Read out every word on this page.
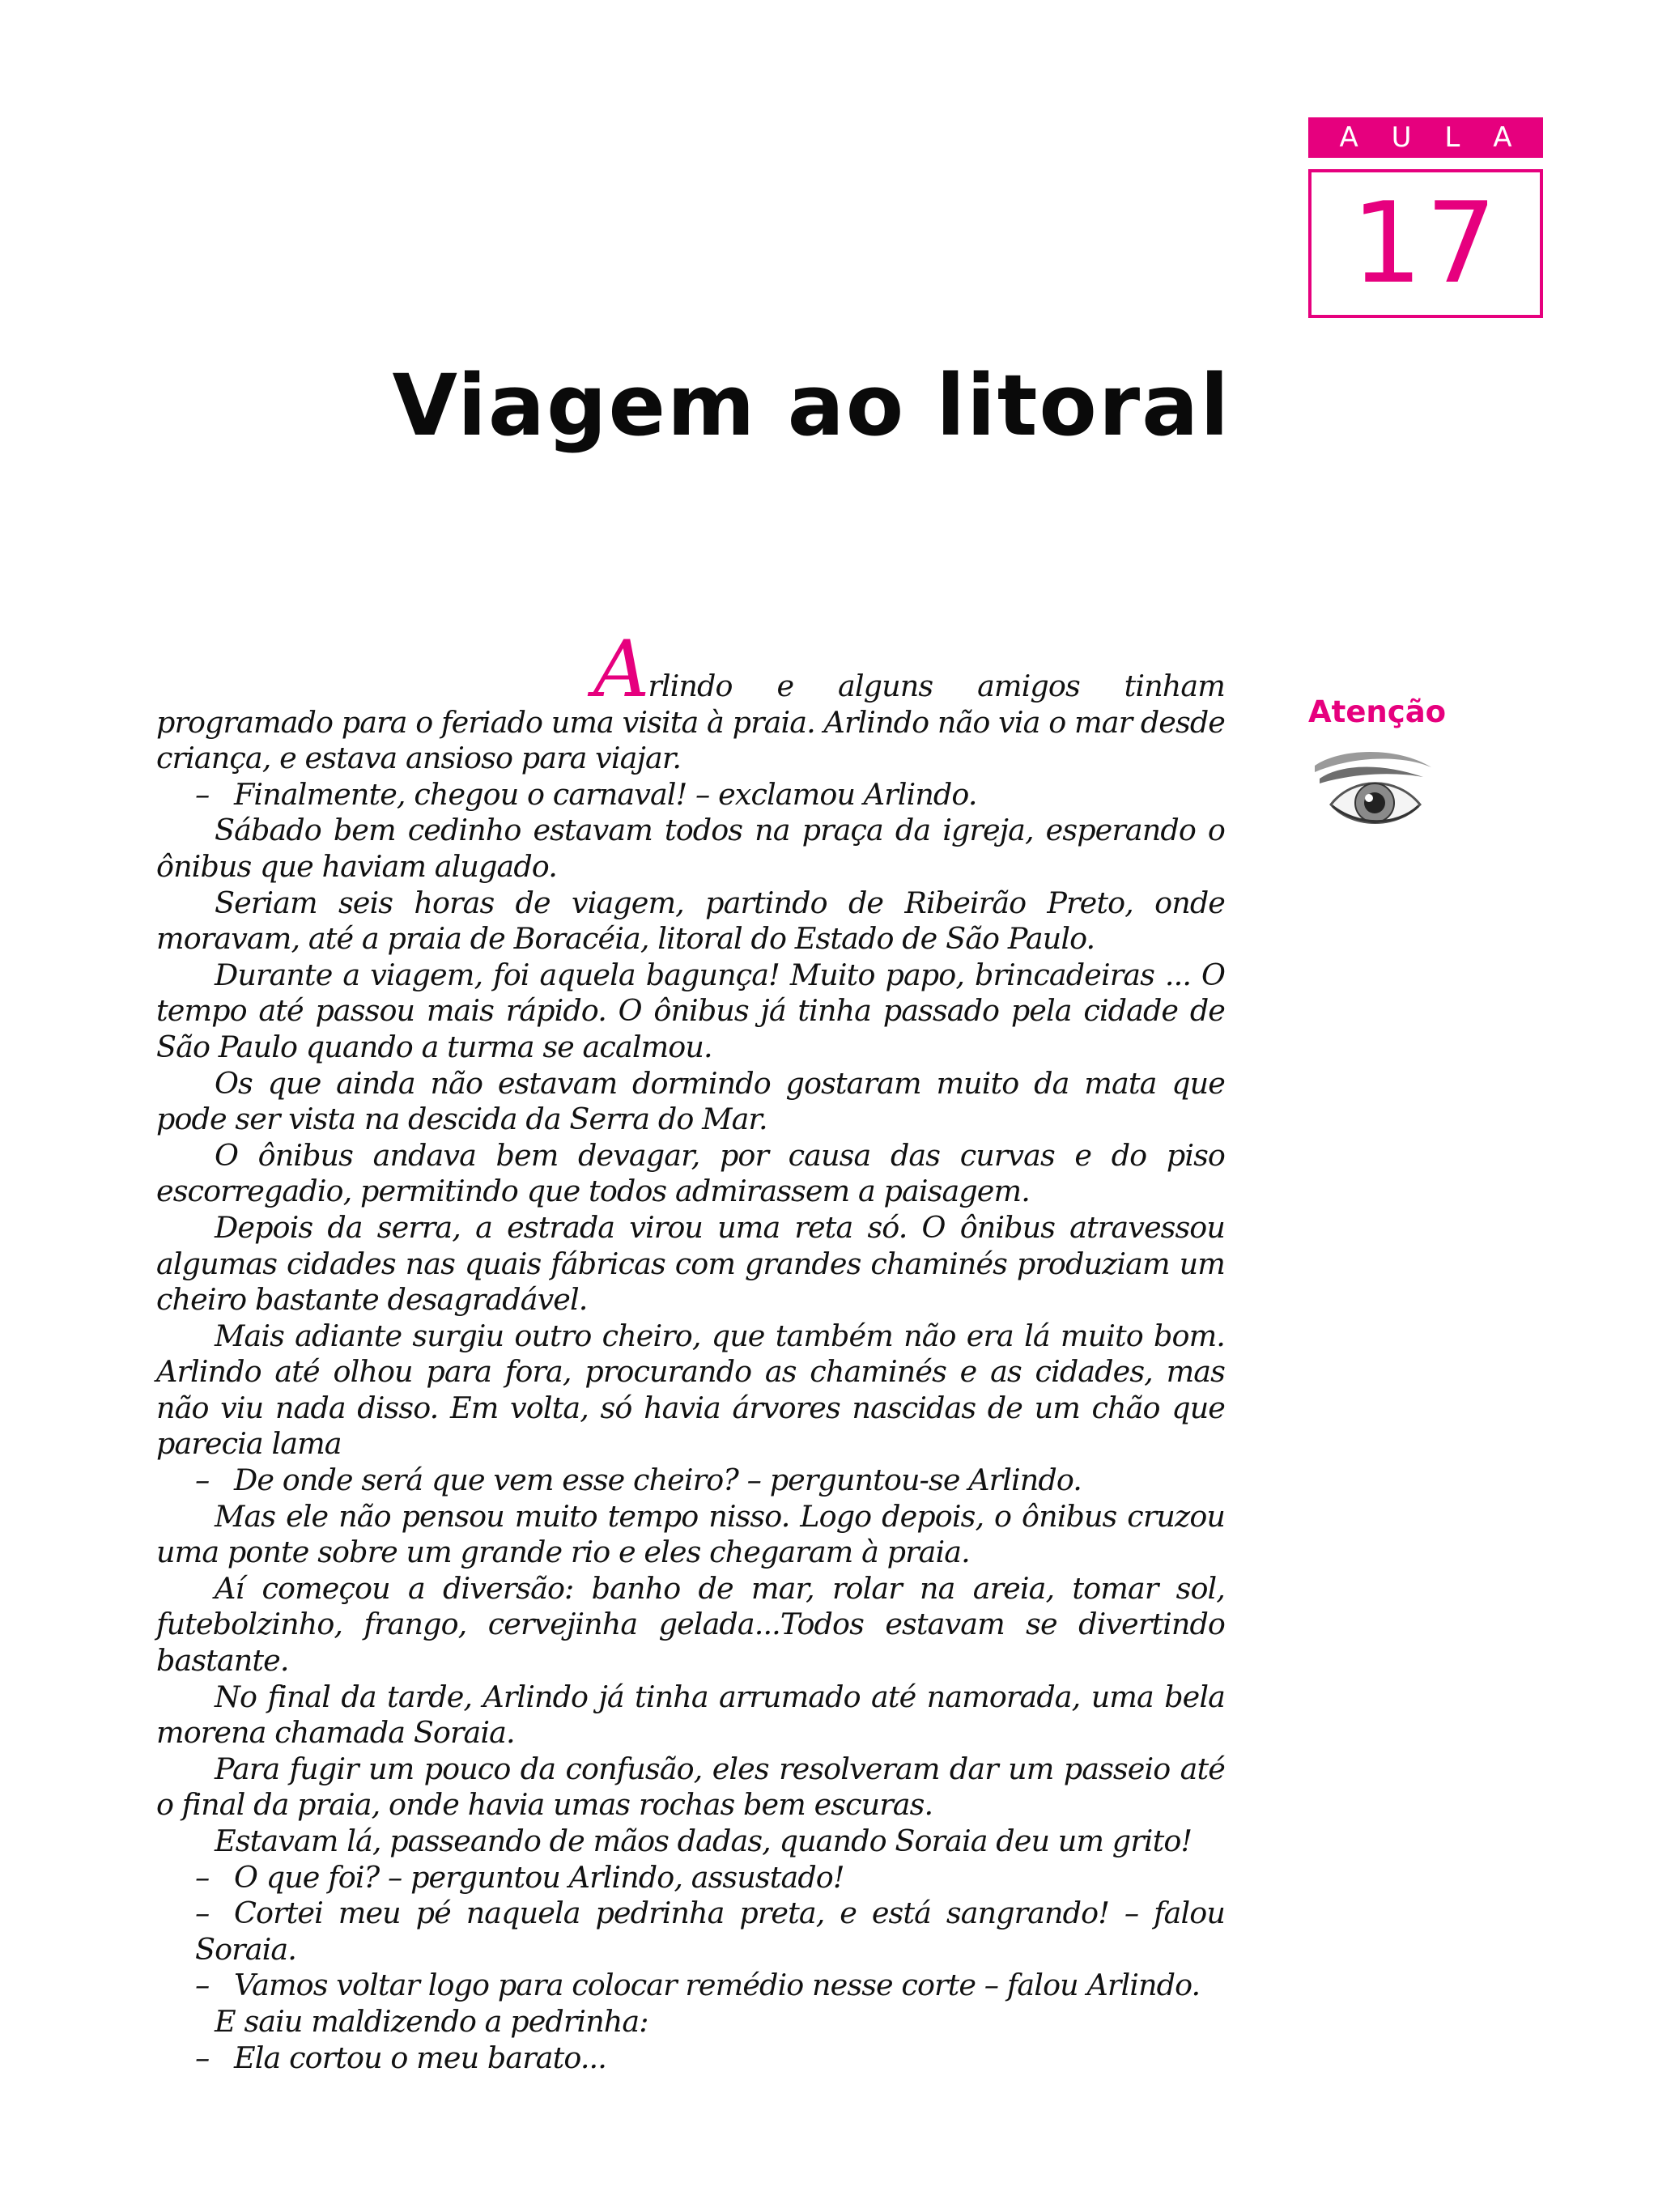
A U L A
17
Viagem ao litoral
Atenção

Arlindo e alguns amigos tinham programado para o feriado uma visita à praia. Arlindo não via o mar desde criança, e estava ansioso para viajar.

– Finalmente, chegou o carnaval! – exclamou Arlindo.

Sábado bem cedinho estavam todos na praça da igreja, esperando o ônibus que haviam alugado.

Seriam seis horas de viagem, partindo de Ribeirão Preto, onde moravam, até a praia de Boracéia, litoral do Estado de São Paulo.

Durante a viagem, foi aquela bagunça! Muito papo, brincadeiras ... O tempo até passou mais rápido. O ônibus já tinha passado pela cidade de São Paulo quando a turma se acalmou.

Os que ainda não estavam dormindo gostaram muito da mata que pode ser vista na descida da Serra do Mar.

O ônibus andava bem devagar, por causa das curvas e do piso escorregadio, permitindo que todos admirassem a paisagem.

Depois da serra, a estrada virou uma reta só. O ônibus atravessou algumas cidades nas quais fábricas com grandes chaminés produziam um cheiro bastante desagradável.

Mais adiante surgiu outro cheiro, que também não era lá muito bom. Arlindo até olhou para fora, procurando as chaminés e as cidades, mas não viu nada disso. Em volta, só havia árvores nascidas de um chão que parecia lama

– De onde será que vem esse cheiro? – perguntou-se Arlindo.

Mas ele não pensou muito tempo nisso. Logo depois, o ônibus cruzou uma ponte sobre um grande rio e eles chegaram à praia.

Aí começou a diversão: banho de mar, rolar na areia, tomar sol, futebolzinho, frango, cervejinha gelada...Todos estavam se divertindo bastante.

No final da tarde, Arlindo já tinha arrumado até namorada, uma bela morena chamada Soraia.

Para fugir um pouco da confusão, eles resolveram dar um passeio até o final da praia, onde havia umas rochas bem escuras.

Estavam lá, passeando de mãos dadas, quando Soraia deu um grito!

– O que foi? – perguntou Arlindo, assustado!

– Cortei meu pé naquela pedrinha preta, e está sangrando! – falou Soraia.

– Vamos voltar logo para colocar remédio nesse corte – falou Arlindo.

E saiu maldizendo a pedrinha:

– Ela cortou o meu barato...
